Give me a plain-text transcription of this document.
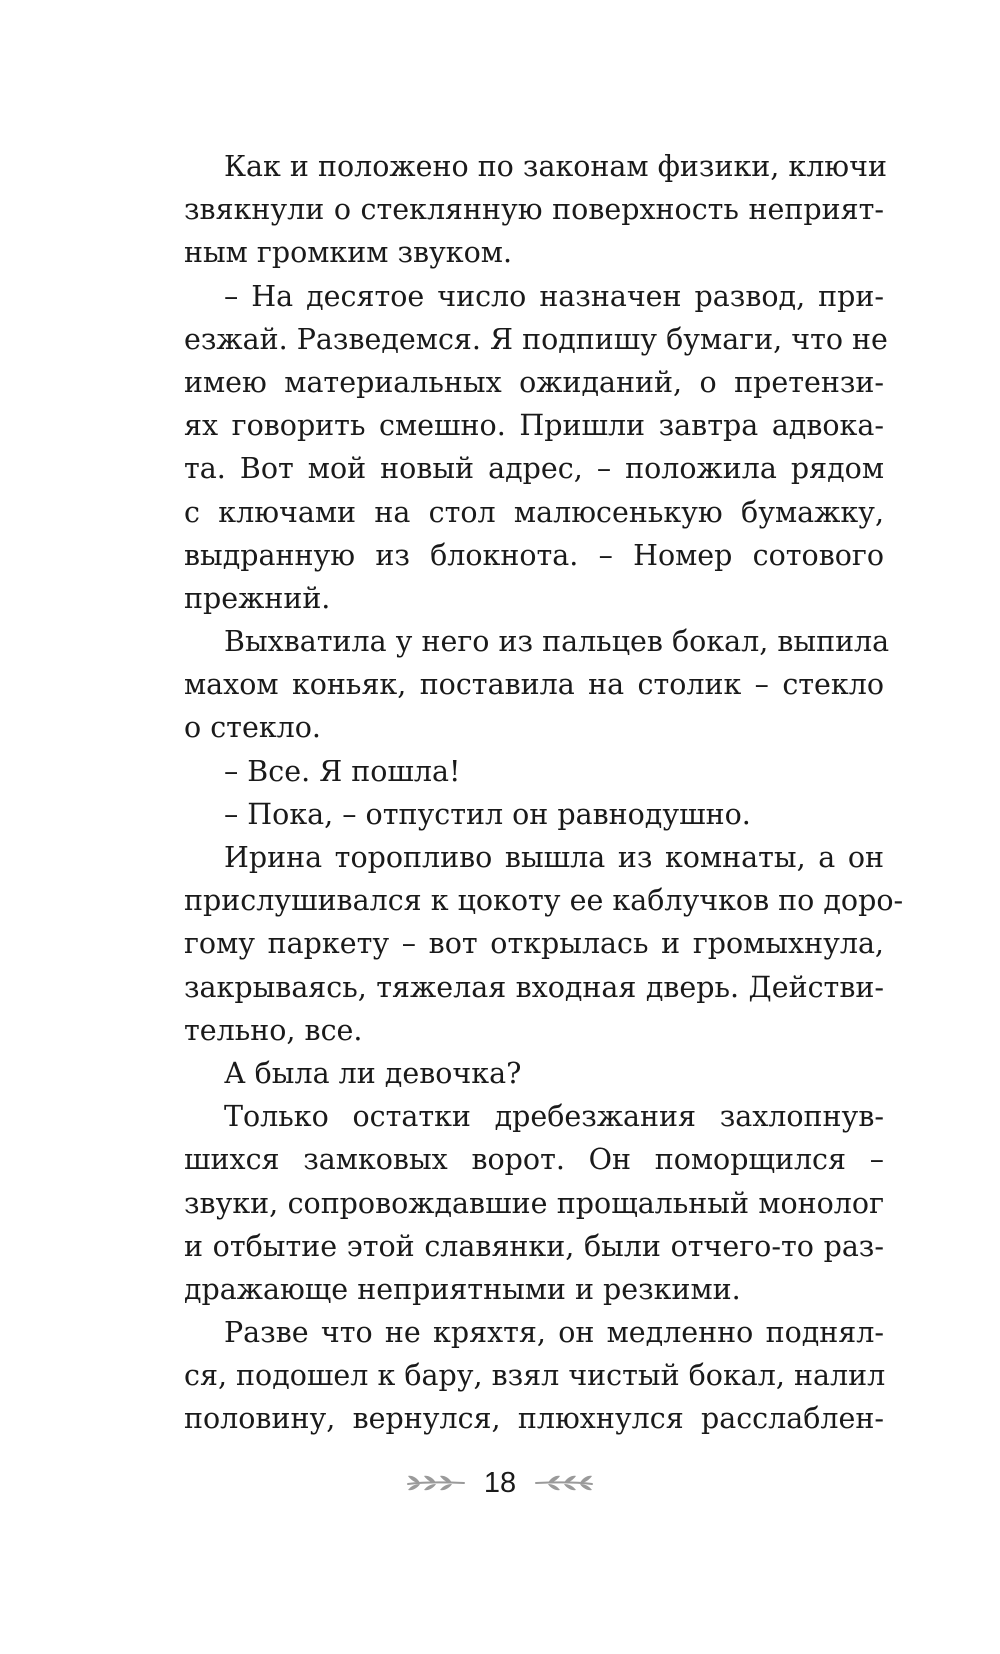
Как и положено по законам физики, ключи
звякнули о стеклянную поверхность неприят-
ным громким звуком.
– На десятое число назначен развод, при-
езжай. Разведемся. Я подпишу бумаги, что не
имею материальных ожиданий, о претензи-
ях говорить смешно. Пришли завтра адвока-
та. Вот мой новый адрес, – положила рядом
с ключами на стол малюсенькую бумажку,
выдранную из блокнота. – Номер сотового
прежний.
Выхватила у него из пальцев бокал, выпила
махом коньяк, поставила на столик – стекло
о стекло.
– Все. Я пошла!
– Пока, – отпустил он равнодушно.
Ирина торопливо вышла из комнаты, а он
прислушивался к цокоту ее каблучков по доро-
гому паркету – вот открылась и громыхнула,
закрываясь, тяжелая входная дверь. Действи-
тельно, все.
А была ли девочка?
Только остатки дребезжания захлопнув-
шихся замковых ворот. Он поморщился –
звуки, сопровождавшие прощальный монолог
и отбытие этой славянки, были отчего-то раз-
дражающе неприятными и резкими.
Разве что не кряхтя, он медленно поднял-
ся, подошел к бару, взял чистый бокал, налил
половину, вернулся, плюхнулся расслаблен-
18
